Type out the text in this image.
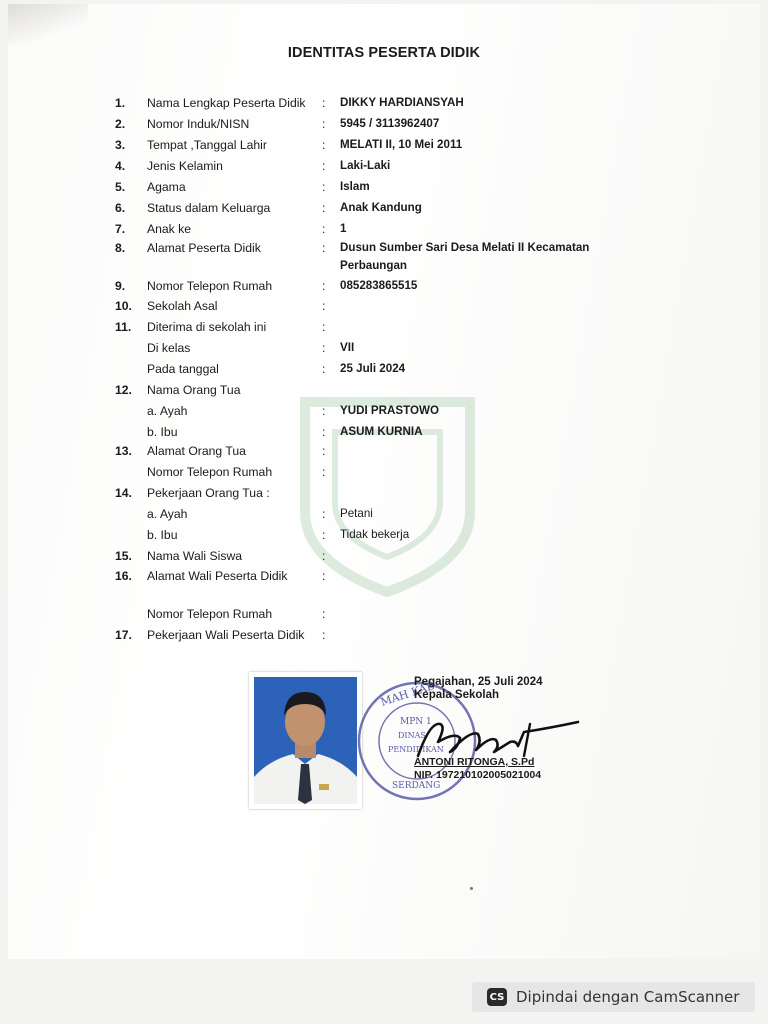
IDENTITAS PESERTA DIDIK
1.	Nama Lengkap Peserta Didik	:	DIKKY HARDIANSYAH
2.	Nomor Induk/NISN	:	5945 / 3113962407
3.	Tempat ,Tanggal Lahir	:	MELATI II, 10 Mei 2011
4.	Jenis Kelamin	:	Laki-Laki
5.	Agama	:	Islam
6.	Status dalam Keluarga	:	Anak Kandung
7.	Anak ke	:	1
8.	Alamat Peserta Didik	:	Dusun Sumber Sari Desa Melati II Kecamatan
Perbaungan
9.	Nomor Telepon Rumah	:	085283865515
10.	Sekolah Asal	:
11.	Diterima di sekolah ini	:
Di kelas	:	VII
Pada tanggal	:	25 Juli 2024
12.	Nama Orang Tua
a. Ayah	:	YUDI PRASTOWO
b. Ibu	:	ASUM KURNIA
13.	Alamat Orang Tua	:
Nomor Telepon Rumah	:
14.	Pekerjaan Orang Tua :
a. Ayah	:	Petani
b. Ibu	:	Tidak bekerja
15.	Nama Wali Siswa	:
16.	Alamat Wali Peserta Didik	:
Nomor Telepon Rumah	:
17.	Pekerjaan Wali Peserta Didik	:
MAH KAB
MPN 1
DINAS
PENDIDIKAN
SERDANG
Pegajahan, 25 Juli 2024
Kepala Sekolah
ANTONI RITONGA, S.Pd
NIP. 197210102005021004
CS Dipindai dengan CamScanner
